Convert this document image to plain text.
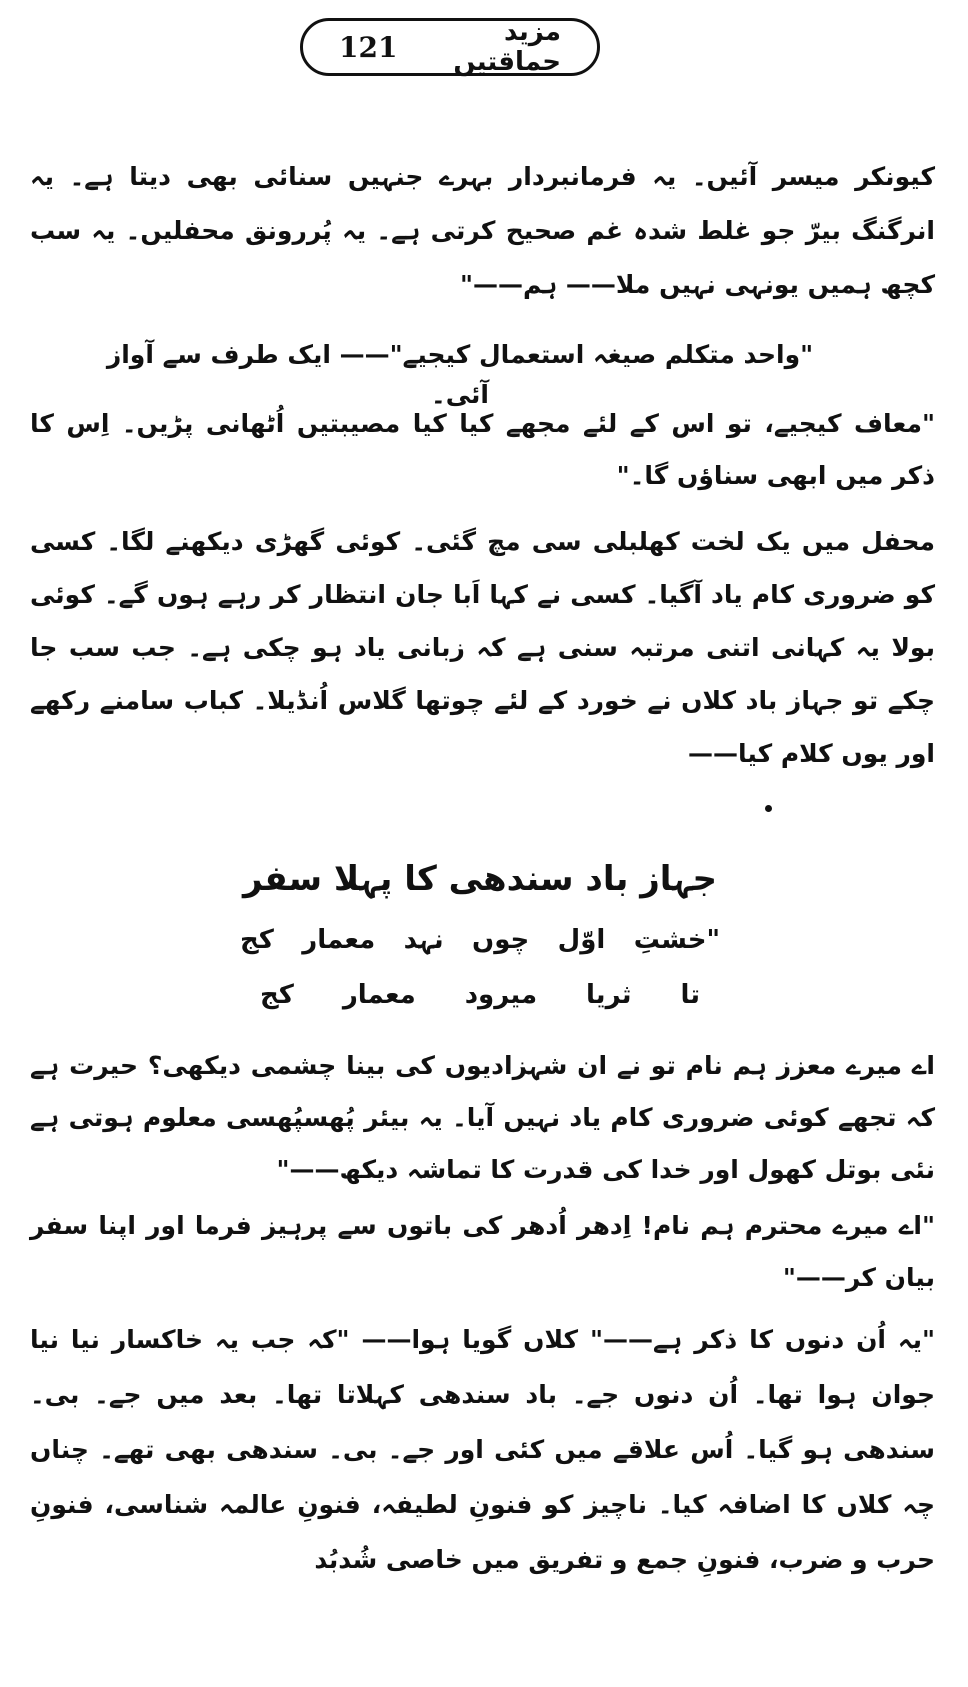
121	مزید حماقتیں

کیونکر میسر آئیں۔ یہ فرمانبردار بہرے جنہیں سنائی بھی دیتا ہے۔ یہ انرگنگ بیرّ جو غلط شدہ غم صحیح کرتی ہے۔ یہ پُررونق محفلیں۔ یہ سب کچھ ہمیں یونہی نہیں ملا—— ہم——"

"واحد متکلم صیغہ استعمال کیجیے"—— ایک طرف سے آواز آئی۔

"معاف کیجیے، تو اس کے لئے مجھے کیا کیا مصیبتیں اُٹھانی پڑیں۔ اِس کا ذکر میں ابھی سناؤں گا۔"

محفل میں یک لخت کھلبلی سی مچ گئی۔ کوئی گھڑی دیکھنے لگا۔ کسی کو ضروری کام یاد آگیا۔ کسی نے کہا اَبا جان انتظار کر رہے ہوں گے۔ کوئی بولا یہ کہانی اتنی مرتبہ سنی ہے کہ زبانی یاد ہو چکی ہے۔ جب سب جا چکے تو جہاز باد کلاں نے خورد کے لئے چوتھا گلاس اُنڈیلا۔ کباب سامنے رکھے اور یوں کلام کیا——

جہاز باد سندھی کا پہلا سفر

"خشتِ اوّل چوں نہد معمار کج

تا ثریا میرود معمار کج

اے میرے معزز ہم نام تو نے ان شہزادیوں کی بینا چشمی دیکھی؟ حیرت ہے کہ تجھے کوئی ضروری کام یاد نہیں آیا۔ یہ بیئر پُھسپُھسی معلوم ہوتی ہے نئی بوتل کھول اور خدا کی قدرت کا تماشہ دیکھ——"

"اے میرے محترم ہم نام! اِدھر اُدھر کی باتوں سے پرہیز فرما اور اپنا سفر بیان کر——"

"یہ اُن دنوں کا ذکر ہے——" کلاں گویا ہوا—— "کہ جب یہ خاکسار نیا نیا جوان ہوا تھا۔ اُن دنوں جے۔ باد سندھی کہلاتا تھا۔ بعد میں جے۔ بی۔ سندھی ہو گیا۔ اُس علاقے میں کئی اور جے۔ بی۔ سندھی بھی تھے۔ چناں چہ کلاں کا اضافہ کیا۔ ناچیز کو فنونِ لطیفہ، فنونِ عالمہ شناسی، فنونِ حرب و ضرب، فنونِ جمع و تفریق میں خاصی شُدبُد
